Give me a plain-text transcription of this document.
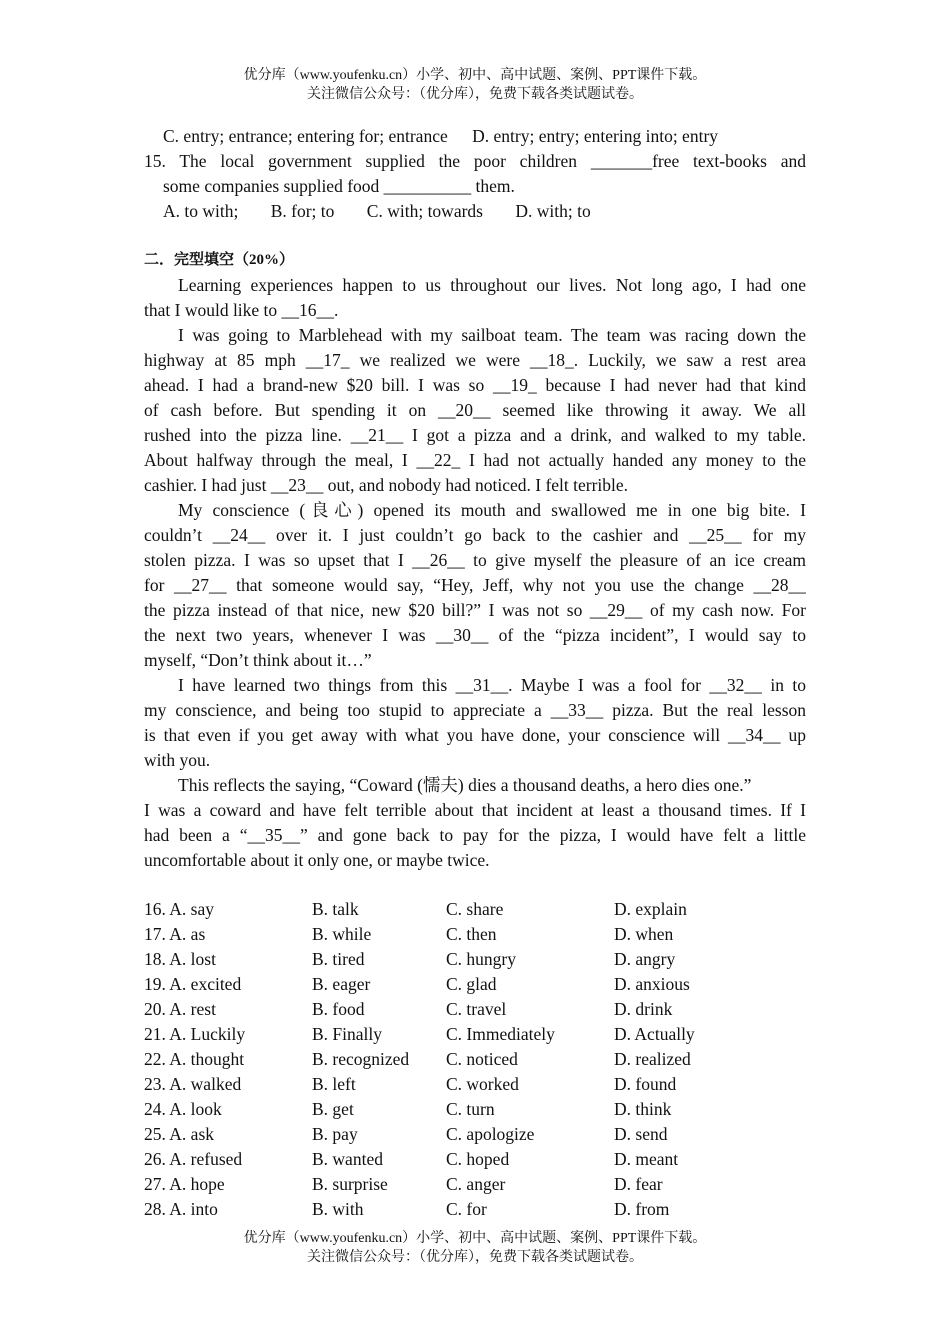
优分库（www.youfenku.cn）小学、初中、高中试题、案例、PPT课件下载。
关注微信公众号：（优分库），免费下载各类试题试卷。
C. entry; entrance; entering for; entrance D. entry; entry; entering into; entry
15. The local government supplied the poor children _______free text-books and
some companies supplied food __________ them.
A. to with; B. for; to C. with; towards D. with; to
二．完型填空（20%）
Learning experiences happen to us throughout our lives. Not long ago, I had one
that I would like to __16__.
I was going to Marblehead with my sailboat team. The team was racing down the
highway at 85 mph __17_ we realized we were __18_. Luckily, we saw a rest area
ahead. I had a brand-new $20 bill. I was so __19_ because I had never had that kind
of cash before. But spending it on __20__ seemed like throwing it away. We all
rushed into the pizza line. __21__ I got a pizza and a drink, and walked to my table.
About halfway through the meal, I __22_ I had not actually handed any money to the
cashier. I had just __23__ out, and nobody had noticed. I felt terrible.
My conscience (良心) opened its mouth and swallowed me in one big bite. I
couldn’t __24__ over it. I just couldn’t go back to the cashier and __25__ for my
stolen pizza. I was so upset that I __26__ to give myself the pleasure of an ice cream
for __27__ that someone would say, “Hey, Jeff, why not you use the change __28__
the pizza instead of that nice, new $20 bill?” I was not so __29__ of my cash now. For
the next two years, whenever I was __30__ of the “pizza incident”, I would say to
myself, “Don’t think about it…”
I have learned two things from this __31__. Maybe I was a fool for __32__ in to
my conscience, and being too stupid to appreciate a __33__ pizza. But the real lesson
is that even if you get away with what you have done, your conscience will __34__ up
with you.
This reflects the saying, “Coward (懦夫) dies a thousand deaths, a hero dies one.”
I was a coward and have felt terrible about that incident at least a thousand times. If I
had been a “__35__” and gone back to pay for the pizza, I would have felt a little
uncomfortable about it only one, or maybe twice.
16. A. say	B. talk	C. share	D. explain
17. A. as	B. while	C. then	D. when
18. A. lost	B. tired	C. hungry	D. angry
19. A. excited	B. eager	C. glad	D. anxious
20. A. rest	B. food	C. travel	D. drink
21. A. Luckily	B. Finally	C. Immediately	D. Actually
22. A. thought	B. recognized C. noticed	D. realized
23. A. walked	B. left	C. worked	D. found
24. A. look	B. get	C. turn	D. think
25. A. ask	B. pay	C. apologize	D. send
26. A. refused	B. wanted	C. hoped	D. meant
27. A. hope	B. surprise	C. anger	D. fear
28. A. into	B. with	C. for	D. from
优分库（www.youfenku.cn）小学、初中、高中试题、案例、PPT课件下载。
关注微信公众号：（优分库），免费下载各类试题试卷。
